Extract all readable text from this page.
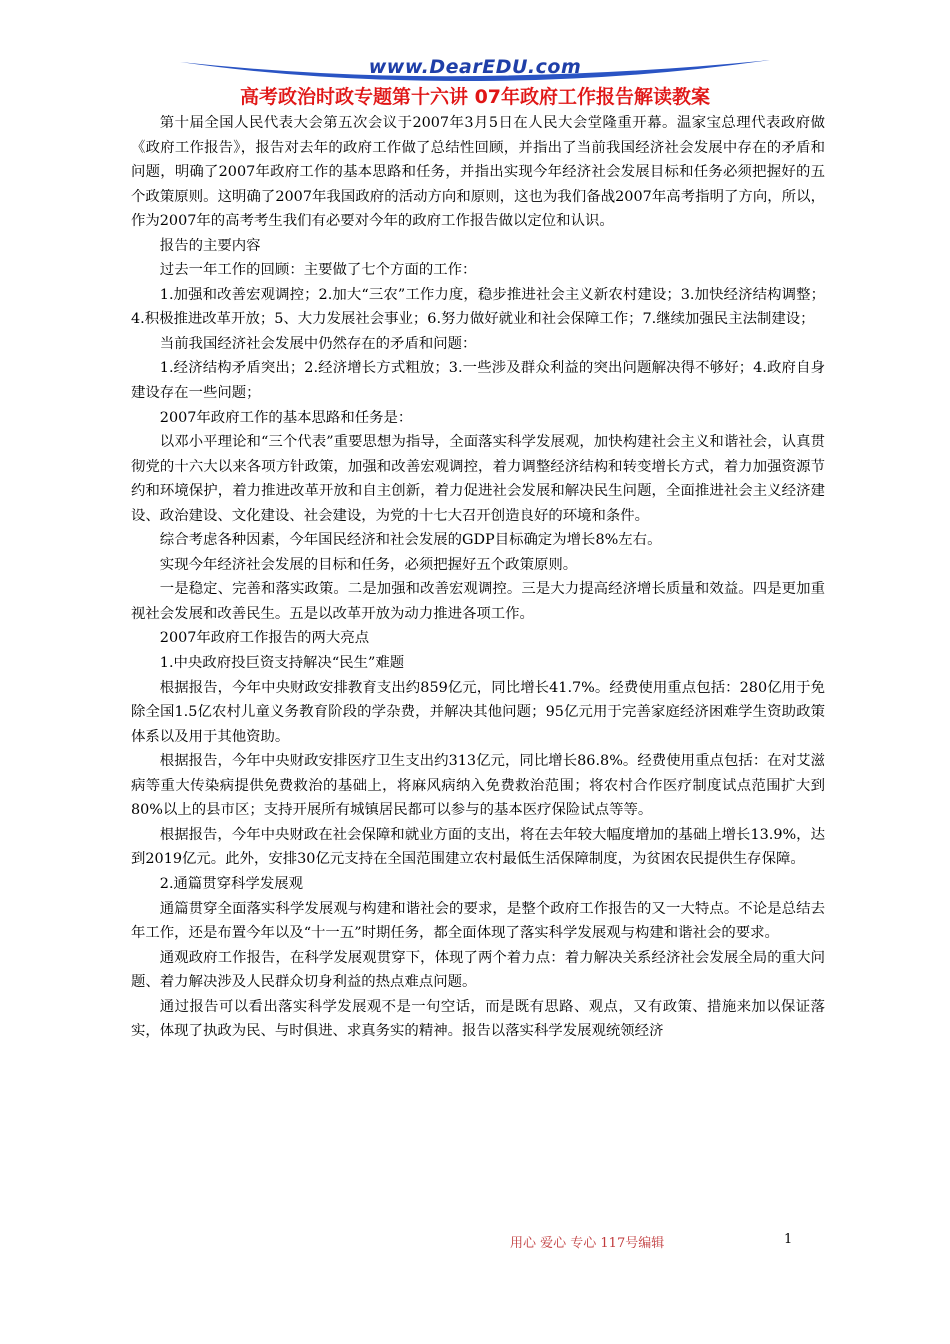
www.DearEDU.com
高考政治时政专题第十六讲 07年政府工作报告解读教案

第十届全国人民代表大会第五次会议于2007年3月5日在人民大会堂隆重开幕。温家宝总理代表政府做《政府工作报告》，报告对去年的政府工作做了总结性回顾，并指出了当前我国经济社会发展中存在的矛盾和问题，明确了2007年政府工作的基本思路和任务，并指出实现今年经济社会发展目标和任务必须把握好的五个政策原则。这明确了2007年我国政府的活动方向和原则，这也为我们备战2007年高考指明了方向，所以，作为2007年的高考考生我们有必要对今年的政府工作报告做以定位和认识。

报告的主要内容

过去一年工作的回顾：主要做了七个方面的工作：

1.加强和改善宏观调控；2.加大“三农”工作力度，稳步推进社会主义新农村建设；3.加快经济结构调整；4.积极推进改革开放；5、大力发展社会事业；6.努力做好就业和社会保障工作；7.继续加强民主法制建设；

当前我国经济社会发展中仍然存在的矛盾和问题：

1.经济结构矛盾突出；2.经济增长方式粗放；3.一些涉及群众利益的突出问题解决得不够好；4.政府自身建设存在一些问题；

2007年政府工作的基本思路和任务是：

以邓小平理论和“三个代表”重要思想为指导，全面落实科学发展观，加快构建社会主义和谐社会，认真贯彻党的十六大以来各项方针政策，加强和改善宏观调控，着力调整经济结构和转变增长方式，着力加强资源节约和环境保护，着力推进改革开放和自主创新，着力促进社会发展和解决民生问题，全面推进社会主义经济建设、政治建设、文化建设、社会建设，为党的十七大召开创造良好的环境和条件。

综合考虑各种因素，今年国民经济和社会发展的GDP目标确定为增长8%左右。

实现今年经济社会发展的目标和任务，必须把握好五个政策原则。

一是稳定、完善和落实政策。二是加强和改善宏观调控。三是大力提高经济增长质量和效益。四是更加重视社会发展和改善民生。五是以改革开放为动力推进各项工作。

2007年政府工作报告的两大亮点

1.中央政府投巨资支持解决“民生”难题

根据报告，今年中央财政安排教育支出约859亿元，同比增长41.7%。经费使用重点包括：280亿用于免除全国1.5亿农村儿童义务教育阶段的学杂费，并解决其他问题；95亿元用于完善家庭经济困难学生资助政策体系以及用于其他资助。

根据报告，今年中央财政安排医疗卫生支出约313亿元，同比增长86.8%。经费使用重点包括：在对艾滋病等重大传染病提供免费救治的基础上，将麻风病纳入免费救治范围；将农村合作医疗制度试点范围扩大到80%以上的县市区；支持开展所有城镇居民都可以参与的基本医疗保险试点等等。

根据报告，今年中央财政在社会保障和就业方面的支出，将在去年较大幅度增加的基础上增长13.9%，达到2019亿元。此外，安排30亿元支持在全国范围建立农村最低生活保障制度，为贫困农民提供生存保障。

2.通篇贯穿科学发展观

通篇贯穿全面落实科学发展观与构建和谐社会的要求，是整个政府工作报告的又一大特点。不论是总结去年工作，还是布置今年以及“十一五”时期任务，都全面体现了落实科学发展观与构建和谐社会的要求。

通观政府工作报告，在科学发展观贯穿下，体现了两个着力点：着力解决关系经济社会发展全局的重大问题、着力解决涉及人民群众切身利益的热点难点问题。

通过报告可以看出落实科学发展观不是一句空话，而是既有思路、观点，又有政策、措施来加以保证落实，体现了执政为民、与时俱进、求真务实的精神。报告以落实科学发展观统领经济

用心 爱心 专心 117号编辑	1
